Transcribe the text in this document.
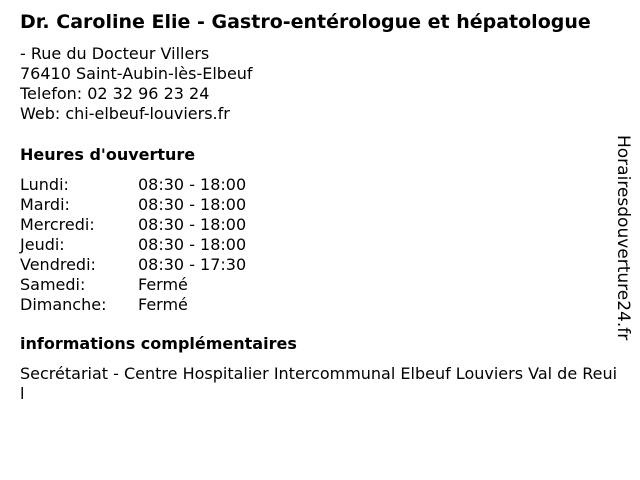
Dr. Caroline Elie - Gastro-entérologue et hépatologue
- Rue du Docteur Villers
76410 Saint-Aubin-lès-Elbeuf
Telefon: 02 32 96 23 24
Web: chi-elbeuf-louviers.fr
Heures d'ouverture
Lundi:	08:30 - 18:00
Mardi:	08:30 - 18:00
Mercredi:	08:30 - 18:00
Jeudi:	08:30 - 18:00
Vendredi:	08:30 - 17:30
Samedi:	Fermé
Dimanche: Fermé
informations complémentaires
Secrétariat - Centre Hospitalier Intercommunal Elbeuf Louviers Val de Reuil
Horairesdouverture24.fr
